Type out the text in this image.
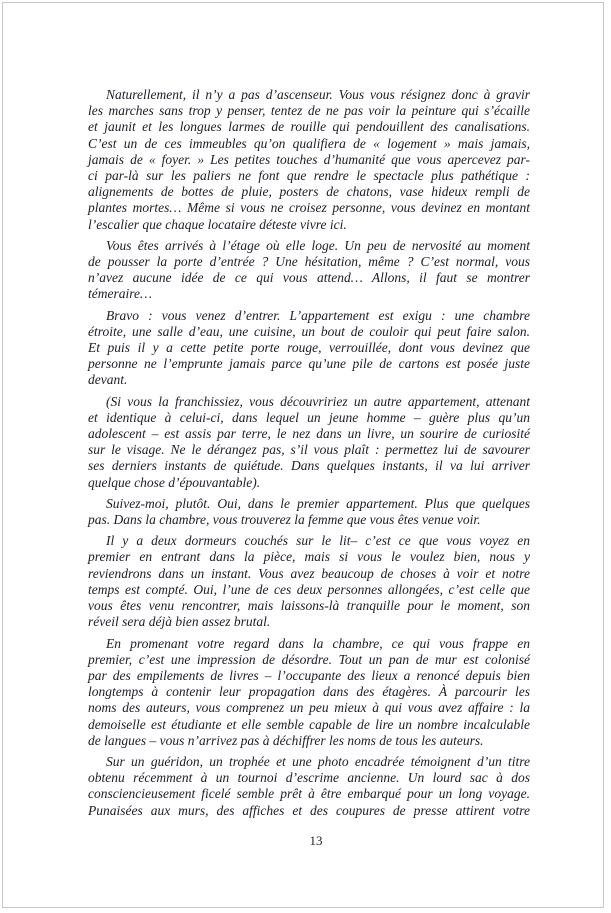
Naturellement, il n’y a pas d’ascenseur. Vous vous résignez donc à gravir
les marches sans trop y penser, tentez de ne pas voir la peinture qui s’écaille
et jaunit et les longues larmes de rouille qui pendouillent des canalisations.
C’est un de ces immeubles qu’on qualifiera de « logement » mais jamais,
jamais de « foyer. » Les petites touches d’humanité que vous apercevez par-
ci par-là sur les paliers ne font que rendre le spectacle plus pathétique :
alignements de bottes de pluie, posters de chatons, vase hideux rempli de
plantes mortes… Même si vous ne croisez personne, vous devinez en montant
l’escalier que chaque locataire déteste vivre ici.
Vous êtes arrivés à l’étage où elle loge. Un peu de nervosité au moment
de pousser la porte d’entrée ? Une hésitation, même ? C’est normal, vous
n’avez aucune idée de ce qui vous attend… Allons, il faut se montrer
témeraire…
Bravo : vous venez d’entrer. L’appartement est exigu : une chambre
étroite, une salle d’eau, une cuisine, un bout de couloir qui peut faire salon.
Et puis il y a cette petite porte rouge, verrouillée, dont vous devinez que
personne ne l’emprunte jamais parce qu’une pile de cartons est posée juste
devant.
(Si vous la franchissiez, vous découvririez un autre appartement, attenant
et identique à celui-ci, dans lequel un jeune homme – guère plus qu’un
adolescent – est assis par terre, le nez dans un livre, un sourire de curiosité
sur le visage. Ne le dérangez pas, s’il vous plaît : permettez lui de savourer
ses derniers instants de quiétude. Dans quelques instants, il va lui arriver
quelque chose d’épouvantable).
Suivez-moi, plutôt. Oui, dans le premier appartement. Plus que quelques
pas. Dans la chambre, vous trouverez la femme que vous êtes venue voir.
Il y a deux dormeurs couchés sur le lit– c’est ce que vous voyez en
premier en entrant dans la pièce, mais si vous le voulez bien, nous y
reviendrons dans un instant. Vous avez beaucoup de choses à voir et notre
temps est compté. Oui, l’une de ces deux personnes allongées, c’est celle que
vous êtes venu rencontrer, mais laissons-là tranquille pour le moment, son
réveil sera déjà bien assez brutal.
En promenant votre regard dans la chambre, ce qui vous frappe en
premier, c’est une impression de désordre. Tout un pan de mur est colonisé
par des empilements de livres – l’occupante des lieux a renoncé depuis bien
longtemps à contenir leur propagation dans des étagères. À parcourir les
noms des auteurs, vous comprenez un peu mieux à qui vous avez affaire : la
demoiselle est étudiante et elle semble capable de lire un nombre incalculable
de langues – vous n’arrivez pas à déchiffrer les noms de tous les auteurs.
Sur un guéridon, un trophée et une photo encadrée témoignent d’un titre
obtenu récemment à un tournoi d’escrime ancienne. Un lourd sac à dos
consciencieusement ficelé semble prêt à être embarqué pour un long voyage.
Punaisées aux murs, des affiches et des coupures de presse attirent votre
13
